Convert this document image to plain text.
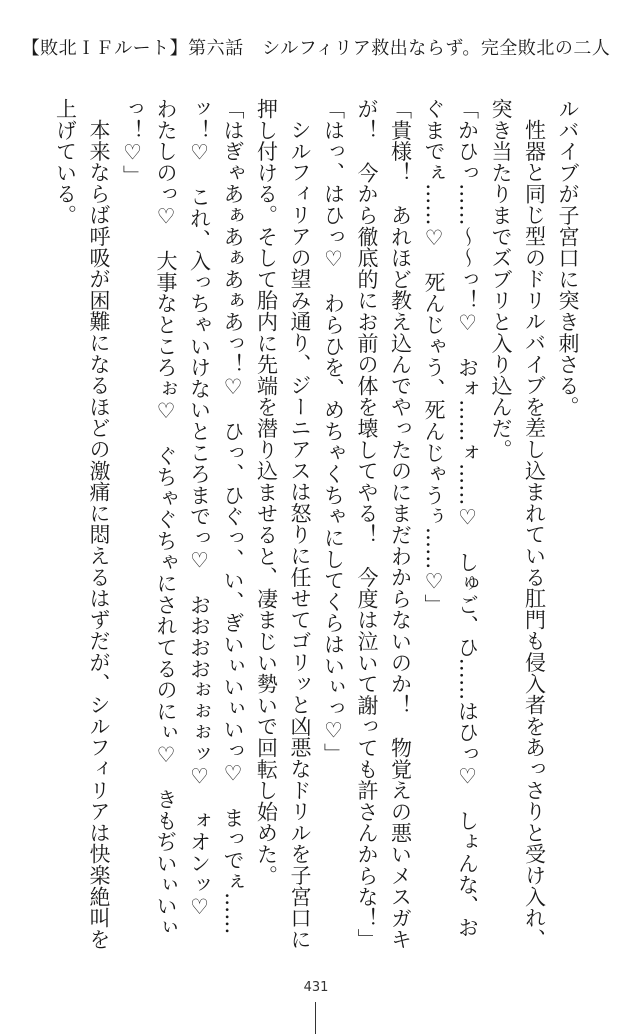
【敗北ＩＦルート】第六話　シルフィリア救出ならず。完全敗北の二人

ルバイブが子宮口に突き刺さる。

性器と同じ型のドリルバイブを差し込まれている肛門も侵入者をあっさりと受け入れ、突き当たりまでズブリと入り込んだ。

「かひっ……～～っ！♡　おォ……ォ……♡　しゅご、ひ……はひっ♡　しょんな、おぐまでぇ……♡　死んじゃう、死んじゃうぅ……♡」

「貴様！　あれほど教え込んでやったのにまだわからないのか！　物覚えの悪いメスガキが！　今から徹底的にお前の体を壊してやる！　今度は泣いて謝っても許さんからな！」

「はっ、はひっ♡　わらひを、めちゃくちゃにしてくらはいぃっ♡」

シルフィリアの望み通り、ジーニアスは怒りに任せてゴリッと凶悪なドリルを子宮口に押し付ける。そして胎内に先端を潜り込ませると、凄まじい勢いで回転し始めた。

「はぎゃあぁあぁあぁあっ！♡　ひっ、ひぐっ、い、ぎいぃいぃいっ♡　まっでぇ……ッ！♡　これ、入っちゃいけないところまでっ♡　おおおおぉぉぉッ♡　ォオンッ♡　わたしのっ♡　大事なところぉ♡　ぐちゃぐちゃにされてるのにぃ♡　きもぢいぃいぃっ！♡」

本来ならば呼吸が困難になるほどの激痛に悶えるはずだが、シルフィリアは快楽絶叫を上げている。

431
